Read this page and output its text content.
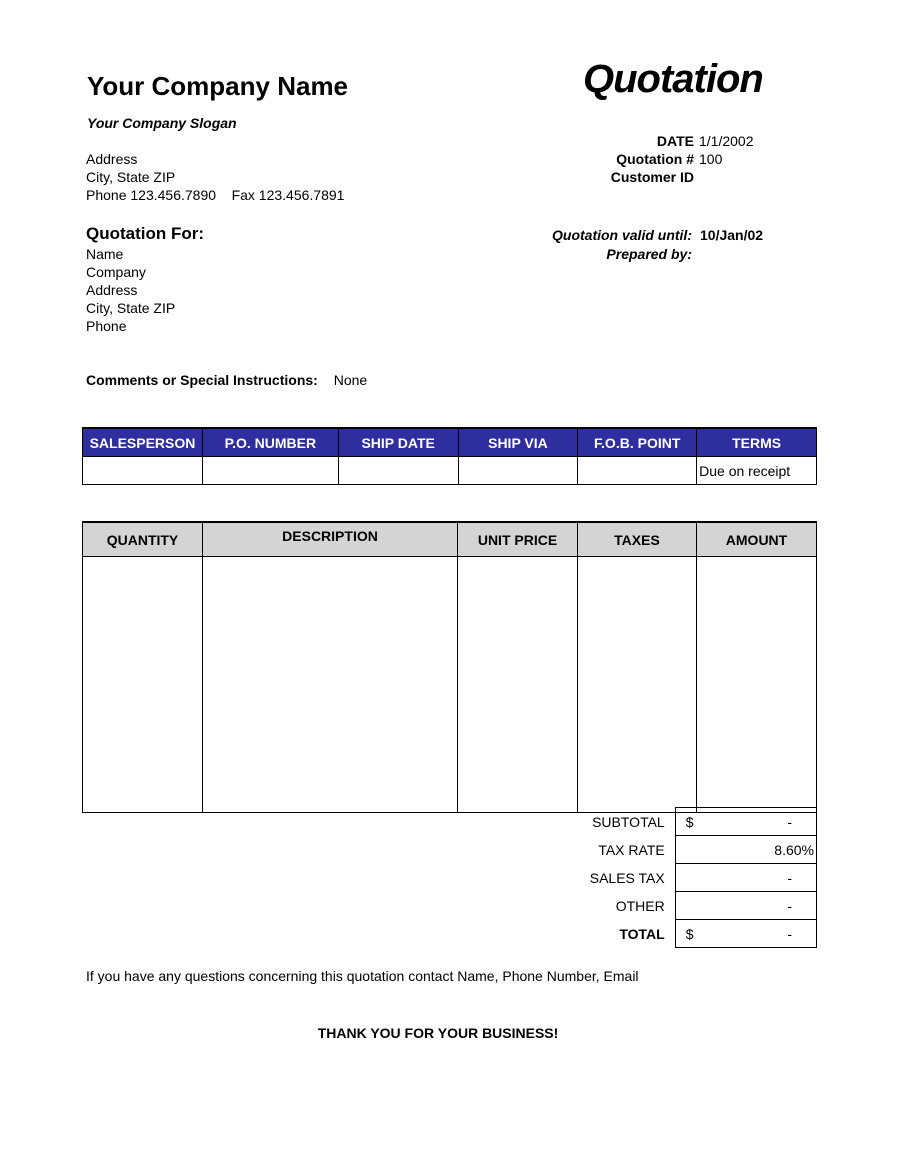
Your Company Name	Quotation
Your Company Slogan
Address
City, State ZIP
Phone 123.456.7890    Fax 123.456.7891
DATE 1/1/2002
Quotation # 100
Customer ID
Quotation For:
Name
Company
Address
City, State ZIP
Phone
Quotation valid until: 10/Jan/02
Prepared by:
Comments or Special Instructions: None
SALESPERSON	P.O. NUMBER	SHIP DATE	SHIP VIA	F.O.B. POINT	TERMS
					Due on receipt
QUANTITY	DESCRIPTION	UNIT PRICE	TAXES	AMOUNT

SUBTOTAL	$ -

TAX RATE	8.60%
SALES TAX	-
OTHER	-
TOTAL	$ -
If you have any questions concerning this quotation contact Name, Phone Number, Email
THANK YOU FOR YOUR BUSINESS!
